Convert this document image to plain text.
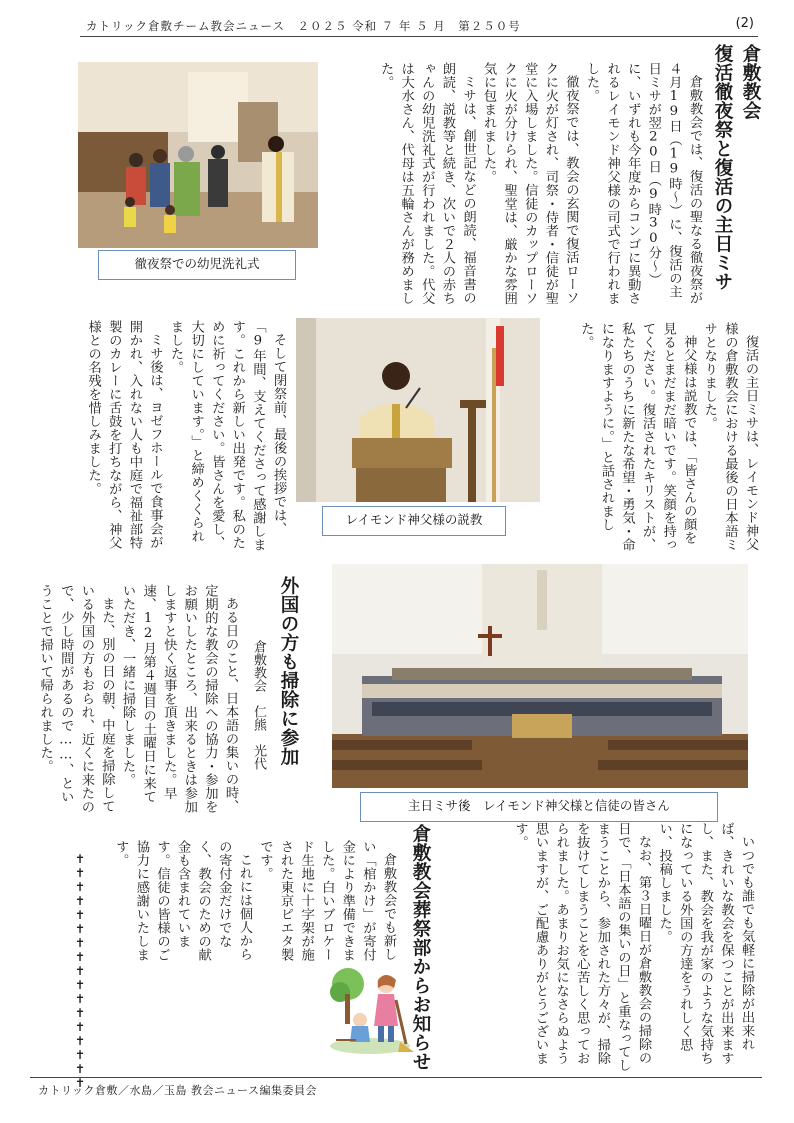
カトリック倉敷チーム教会ニュース　２０２５ 令和 ７ 年 ５ 月　第２５０号	(2)
倉敷教会
復活徹夜祭と復活の主日ミサ

倉敷教会では、復活の聖なる徹夜祭が４月19日（19時～）に、復活の主日ミサが翌20日（9時30分～）に、いずれも今年度からコンゴに異動されるレイモンド神父様の司式で行われました。

徹夜祭では、教会の玄関で復活ローソクに火が灯され、司祭・侍者・信徒が聖堂に入場しました。信徒のカップローソクに火が分けられ、聖堂は、厳かな雰囲気に包まれました。

ミサは、創世記などの朗読、福音書の朗読、説教等と続き、次いで２人の赤ちゃんの幼児洗礼式が行われました。代父は大水さん、代母は五輪さんが務めました。

徹夜祭での幼児洗礼式

復活の主日ミサは、レイモンド神父様の倉敷教会における最後の日本語ミサとなりました。

神父様は説教では、「皆さんの顔を見るとまだまだ暗いです。笑顔を持ってください。復活されたキリストが、私たちのうちに新たな希望・勇気・命になりますように。」と話されました。

レイモンド神父様の説教

そして閉祭前、最後の挨拶では、「9年間、支えてくださって感謝します。これから新しい出発です。私のために祈ってください。皆さんを愛し、大切にしています。」と締めくくられました。

ミサ後は、ヨゼフホールで食事会が開かれ、入れない人も中庭で福祉部特製のカレーに舌鼓を打ちながら、神父様との名残を惜しみました。

主日ミサ後　レイモンド神父様と信徒の皆さん
外国の方も掃除に参加
倉敷教会　仁熊　光代

ある日のこと、日本語の集いの時、定期的な教会の掃除への協力・参加をお願いしたところ、出来るときは参加しますと快く返事を頂きました。早速、12月第４週目の土曜日に来ていただき、一緒に掃除しました。

また、別の日の朝、中庭を掃除している外国の方もおられ、近くに来たので、少し時間があるので……、ということで掃いて帰られました。

いつでも誰でも気軽に掃除が出来れば、きれいな教会を保つことが出来ますし、また、教会を我が家のような気持ちになっている外国の方達をうれしく思い、投稿しました。

なお、第３日曜日が倉敷教会の掃除の日で、「日本語の集いの日」と重なってしまうことから、参加された方々が、掃除を抜けてしまうことを心苦しく思っておられました。あまりお気になさらぬよう思いますが、ご配慮ありがとうございます。

倉敷教会葬祭部からお知らせ

倉敷教会でも新しい「棺かけ」が寄付金により準備できました。白いブロケード生地に十字架が施された東京ピエタ製です。

これには個人からの寄付金だけでなく、教会のための献金も含まれています。信徒の皆様のご協力に感謝いたします。

✝✝✝✝✝✝✝✝✝✝✝✝✝✝✝✝✝
カトリック倉敷／水島／玉島 教会ニュース編集委員会
